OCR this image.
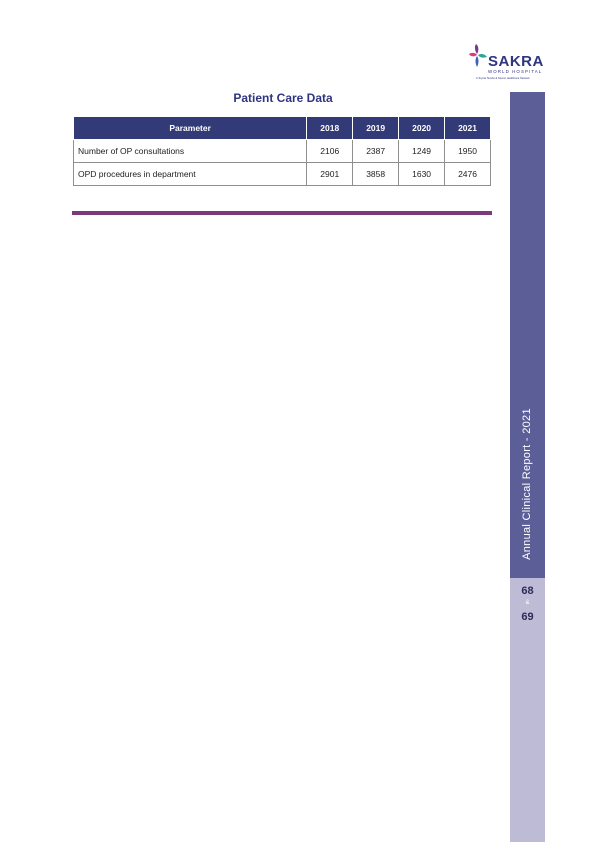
SAKRA
WORLD HOSPITAL
A Toyota Tsusho & Secom Healthcare Network
Patient Care Data
Parameter	2018	2019	2020	2021
Number of OP consultations	2106	2387	1249	1950
OPD procedures in department	2901	3858	1630	2476
Annual Clinical Report - 2021
68
&
69
